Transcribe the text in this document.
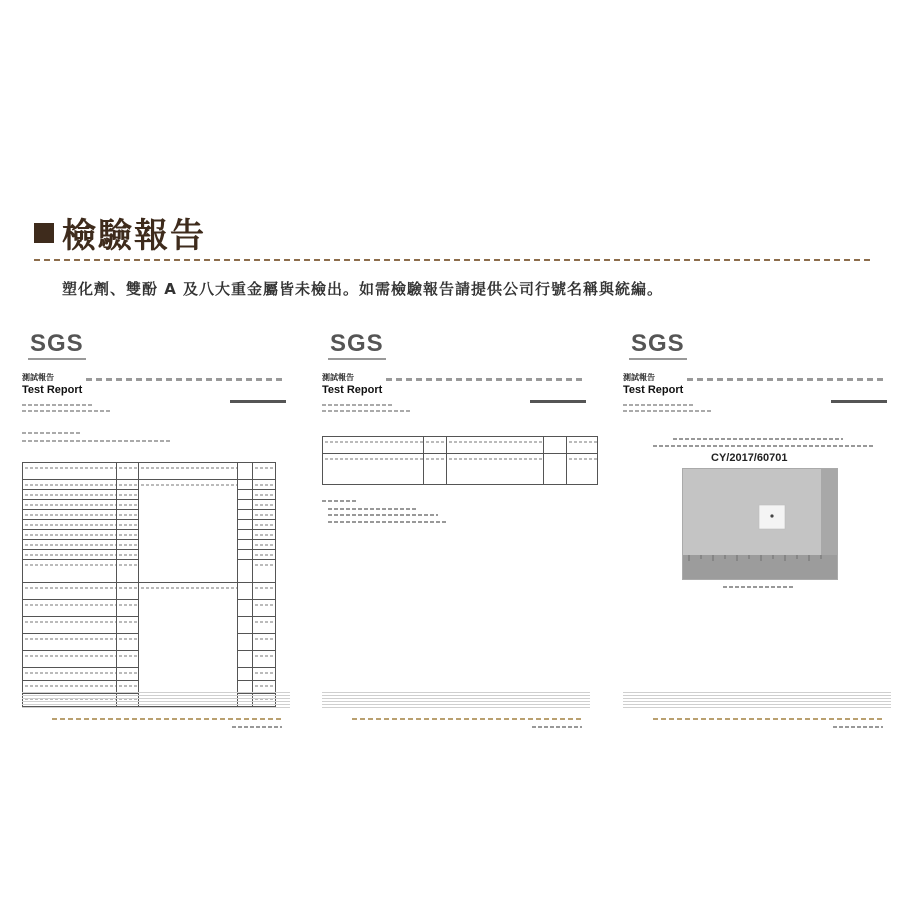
檢驗報告
塑化劑、雙酚 A 及八大重金屬皆未檢出。如需檢驗報告請提供公司行號名稱與統編。
SGS
測試報告
Test Report

SGS
測試報告
Test Report

SGS
測試報告
Test Report
CY/2017/60701
